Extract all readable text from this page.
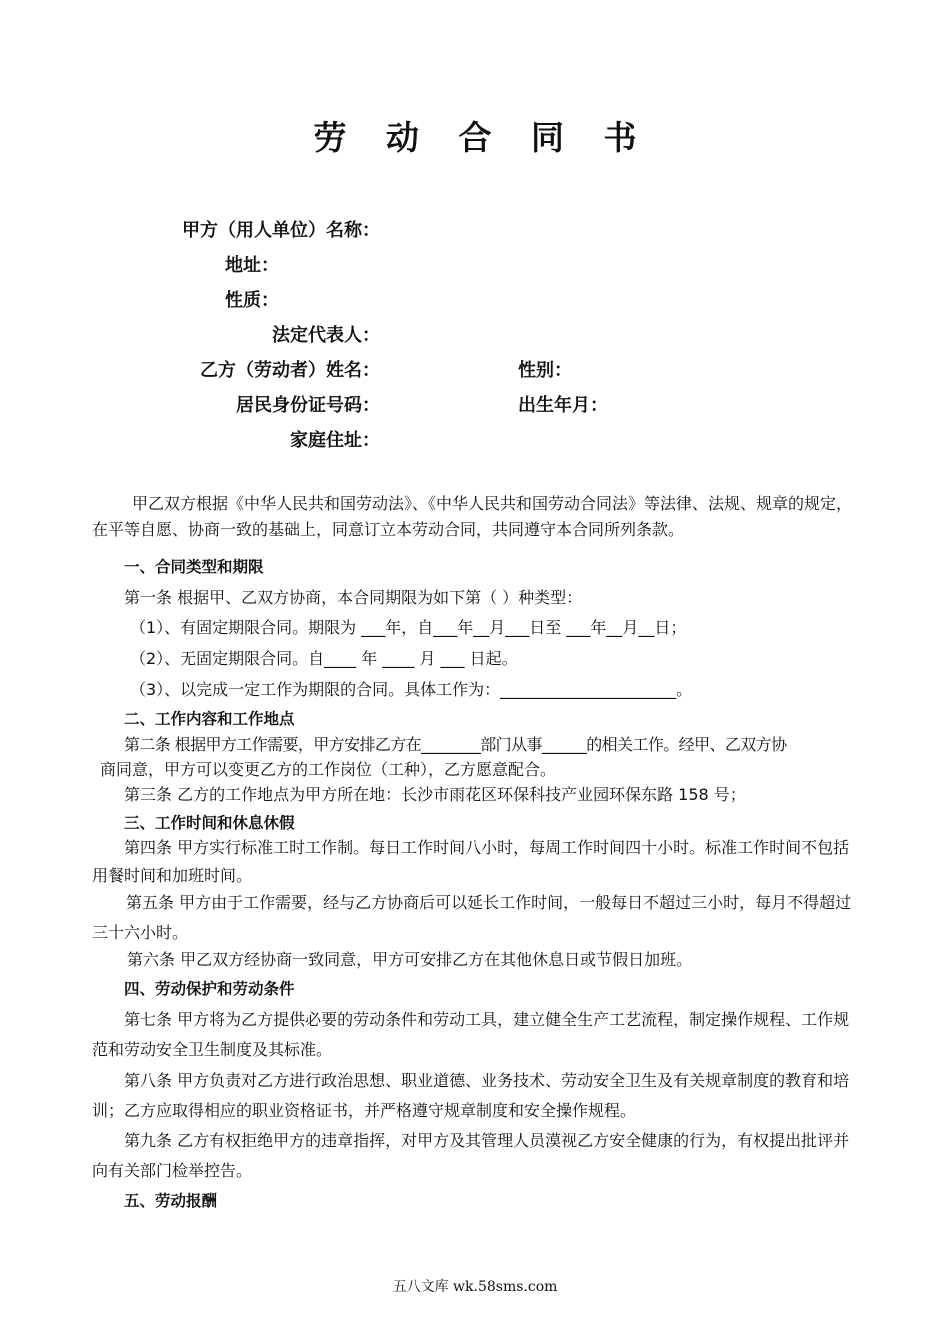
劳 动 合 同 书
甲方（用人单位）名称：
地址：
性质：
法定代表人：
乙方（劳动者）姓名：	性别：
居民身份证号码：	出生年月：
家庭住址：
甲乙双方根据《中华人民共和国劳动法》、《中华人民共和国劳动合同法》等法律、法规、规章的规定，在平等自愿、协商一致的基础上，同意订立本劳动合同，共同遵守本合同所列条款。
一、合同类型和期限
第一条 根据甲、乙双方协商，本合同期限为如下第（ ）种类型：
（1）、有固定期限合同。期限为 ___年，自___年__月___日至 ___年__月__日；
（2）、无固定期限合同。自____ 年 ____ 月 ___ 日起。
（3）、以完成一定工作为期限的合同。具体工作为：______________________。
二、工作内容和工作地点
第二条 根据甲方工作需要，甲方安排乙方在________部门从事______的相关工作。经甲、乙双方协
商同意，甲方可以变更乙方的工作岗位（工种），乙方愿意配合。
第三条 乙方的工作地点为甲方所在地：长沙市雨花区环保科技产业园环保东路 158 号；
三、工作时间和休息休假
第四条 甲方实行标准工时工作制。每日工作时间八小时，每周工作时间四十小时。标准工作时间不包括用餐时间和加班时间。
第五条 甲方由于工作需要，经与乙方协商后可以延长工作时间，一般每日不超过三小时，每月不得超过三十六小时。
第六条 甲乙双方经协商一致同意，甲方可安排乙方在其他休息日或节假日加班。
四、劳动保护和劳动条件
第七条 甲方将为乙方提供必要的劳动条件和劳动工具，建立健全生产工艺流程，制定操作规程、工作规范和劳动安全卫生制度及其标准。
第八条 甲方负责对乙方进行政治思想、职业道德、业务技术、劳动安全卫生及有关规章制度的教育和培训；乙方应取得相应的职业资格证书，并严格遵守规章制度和安全操作规程。
第九条 乙方有权拒绝甲方的违章指挥，对甲方及其管理人员漠视乙方安全健康的行为，有权提出批评并向有关部门检举控告。
五、劳动报酬
五八文库 wk.58sms.com
